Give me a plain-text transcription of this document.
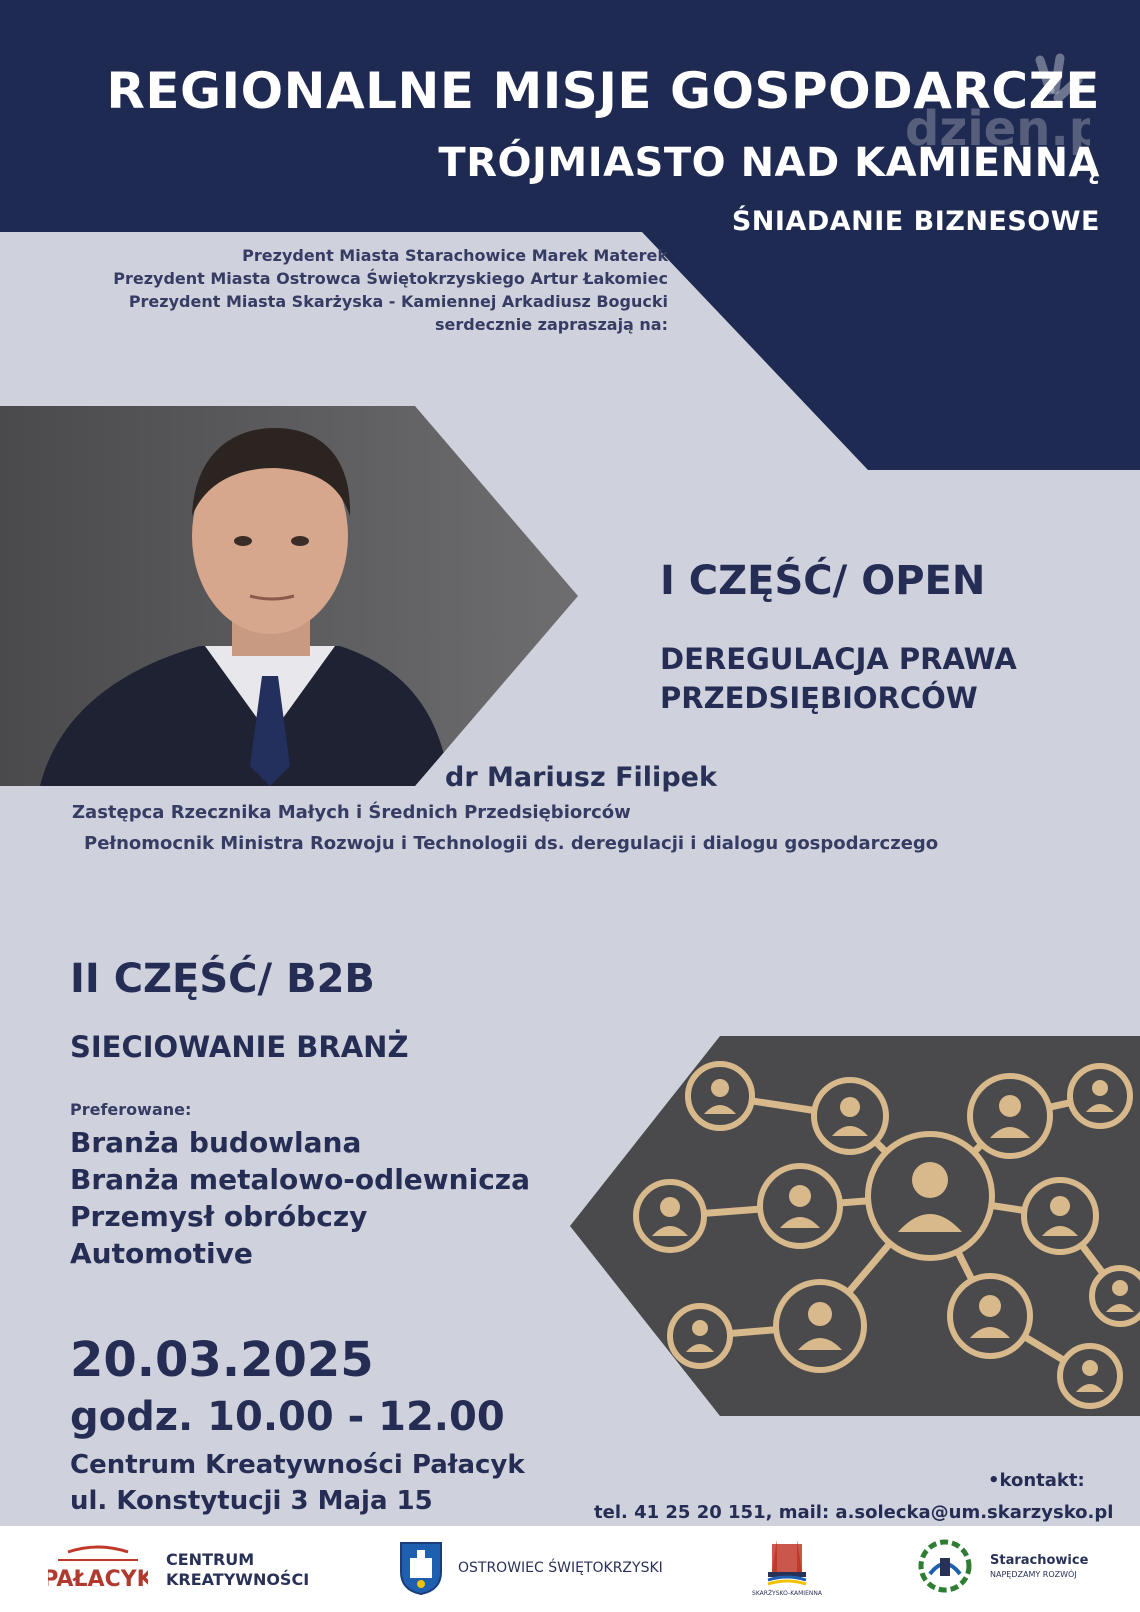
dzien.p
REGIONALNE MISJE GOSPODARCZE
TRÓJMIASTO NAD KAMIENNĄ
ŚNIADANIE BIZNESOWE
Prezydent Miasta Starachowice Marek Materek
Prezydent Miasta Ostrowca Świętokrzyskiego Artur Łakomiec
Prezydent Miasta Skarżyska - Kamiennej Arkadiusz Bogucki
serdecznie zapraszają na:
I CZĘŚĆ/ OPEN
DEREGULACJA PRAWA
PRZEDSIĘBIORCÓW
dr Mariusz Filipek
Zastępca Rzecznika Małych i Średnich Przedsiębiorców
Pełnomocnik Ministra Rozwoju i Technologii ds. deregulacji i dialogu gospodarczego
II CZĘŚĆ/ B2B
SIECIOWANIE BRANŻ
Preferowane:
Branża budowlana
Branża metalowo-odlewnicza
Przemysł obróbczy
Automotive
20.03.2025
godz. 10.00 - 12.00
Centrum Kreatywności Pałacyk
ul. Konstytucji 3 Maja 15
•kontakt:
tel. 41 25 20 151, mail: a.solecka@um.skarzysko.pl
PAŁACYK
CENTRUM
KREATYWNOŚCI
OSTROWIEC ŚWIĘTOKRZYSKI
SKARŻYSKO-KAMIENNA
Starachowice
NAPĘDZAMY ROZWÓJ
